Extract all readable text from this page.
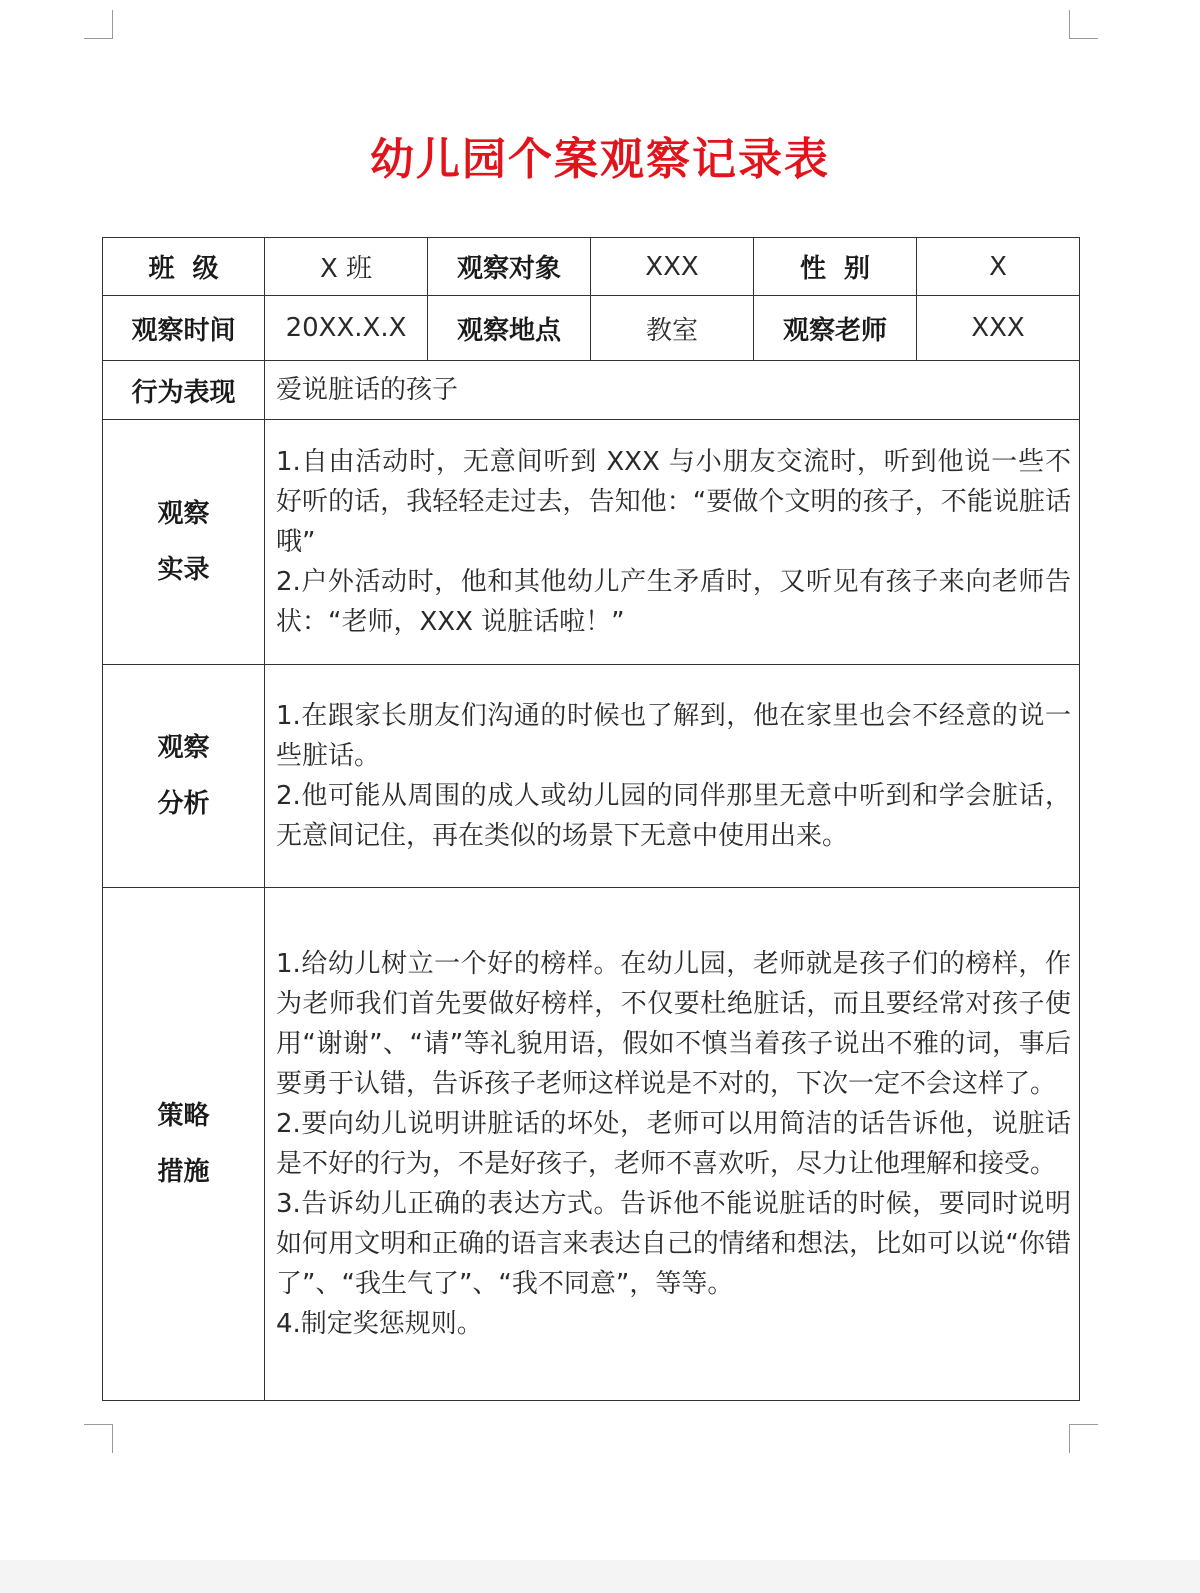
幼儿园个案观察记录表
班  级	X 班	观察对象	XXX	性  别	X
观察时间	20XX.X.X	观察地点	教室	观察老师	XXX
行为表现	爱说脏话的孩子				

观察
实录	1.自由活动时，无意间听到 XXX 与小朋友交流时，听到他说一些不好听的话，我轻轻走过去，告知他：“要做个文明的孩子，不能说脏话哦”
2.户外活动时，他和其他幼儿产生矛盾时，又听见有孩子来向老师告状：“老师，XXX 说脏话啦！”				

观察
分析	1.在跟家长朋友们沟通的时候也了解到，他在家里也会不经意的说一些脏话。
2.他可能从周围的成人或幼儿园的同伴那里无意中听到和学会脏话，无意间记住，再在类似的场景下无意中使用出来。				

策略
措施	1.给幼儿树立一个好的榜样。在幼儿园，老师就是孩子们的榜样，作为老师我们首先要做好榜样，不仅要杜绝脏话，而且要经常对孩子使用“谢谢”、“请”等礼貌用语，假如不慎当着孩子说出不雅的词，事后要勇于认错，告诉孩子老师这样说是不对的，下次一定不会这样了。
2.要向幼儿说明讲脏话的坏处，老师可以用简洁的话告诉他，说脏话是不好的行为，不是好孩子，老师不喜欢听，尽力让他理解和接受。
3.告诉幼儿正确的表达方式。告诉他不能说脏话的时候，要同时说明如何用文明和正确的语言来表达自己的情绪和想法，比如可以说“你错了”、“我生气了”、“我不同意”，等等。
4.制定奖惩规则。				
